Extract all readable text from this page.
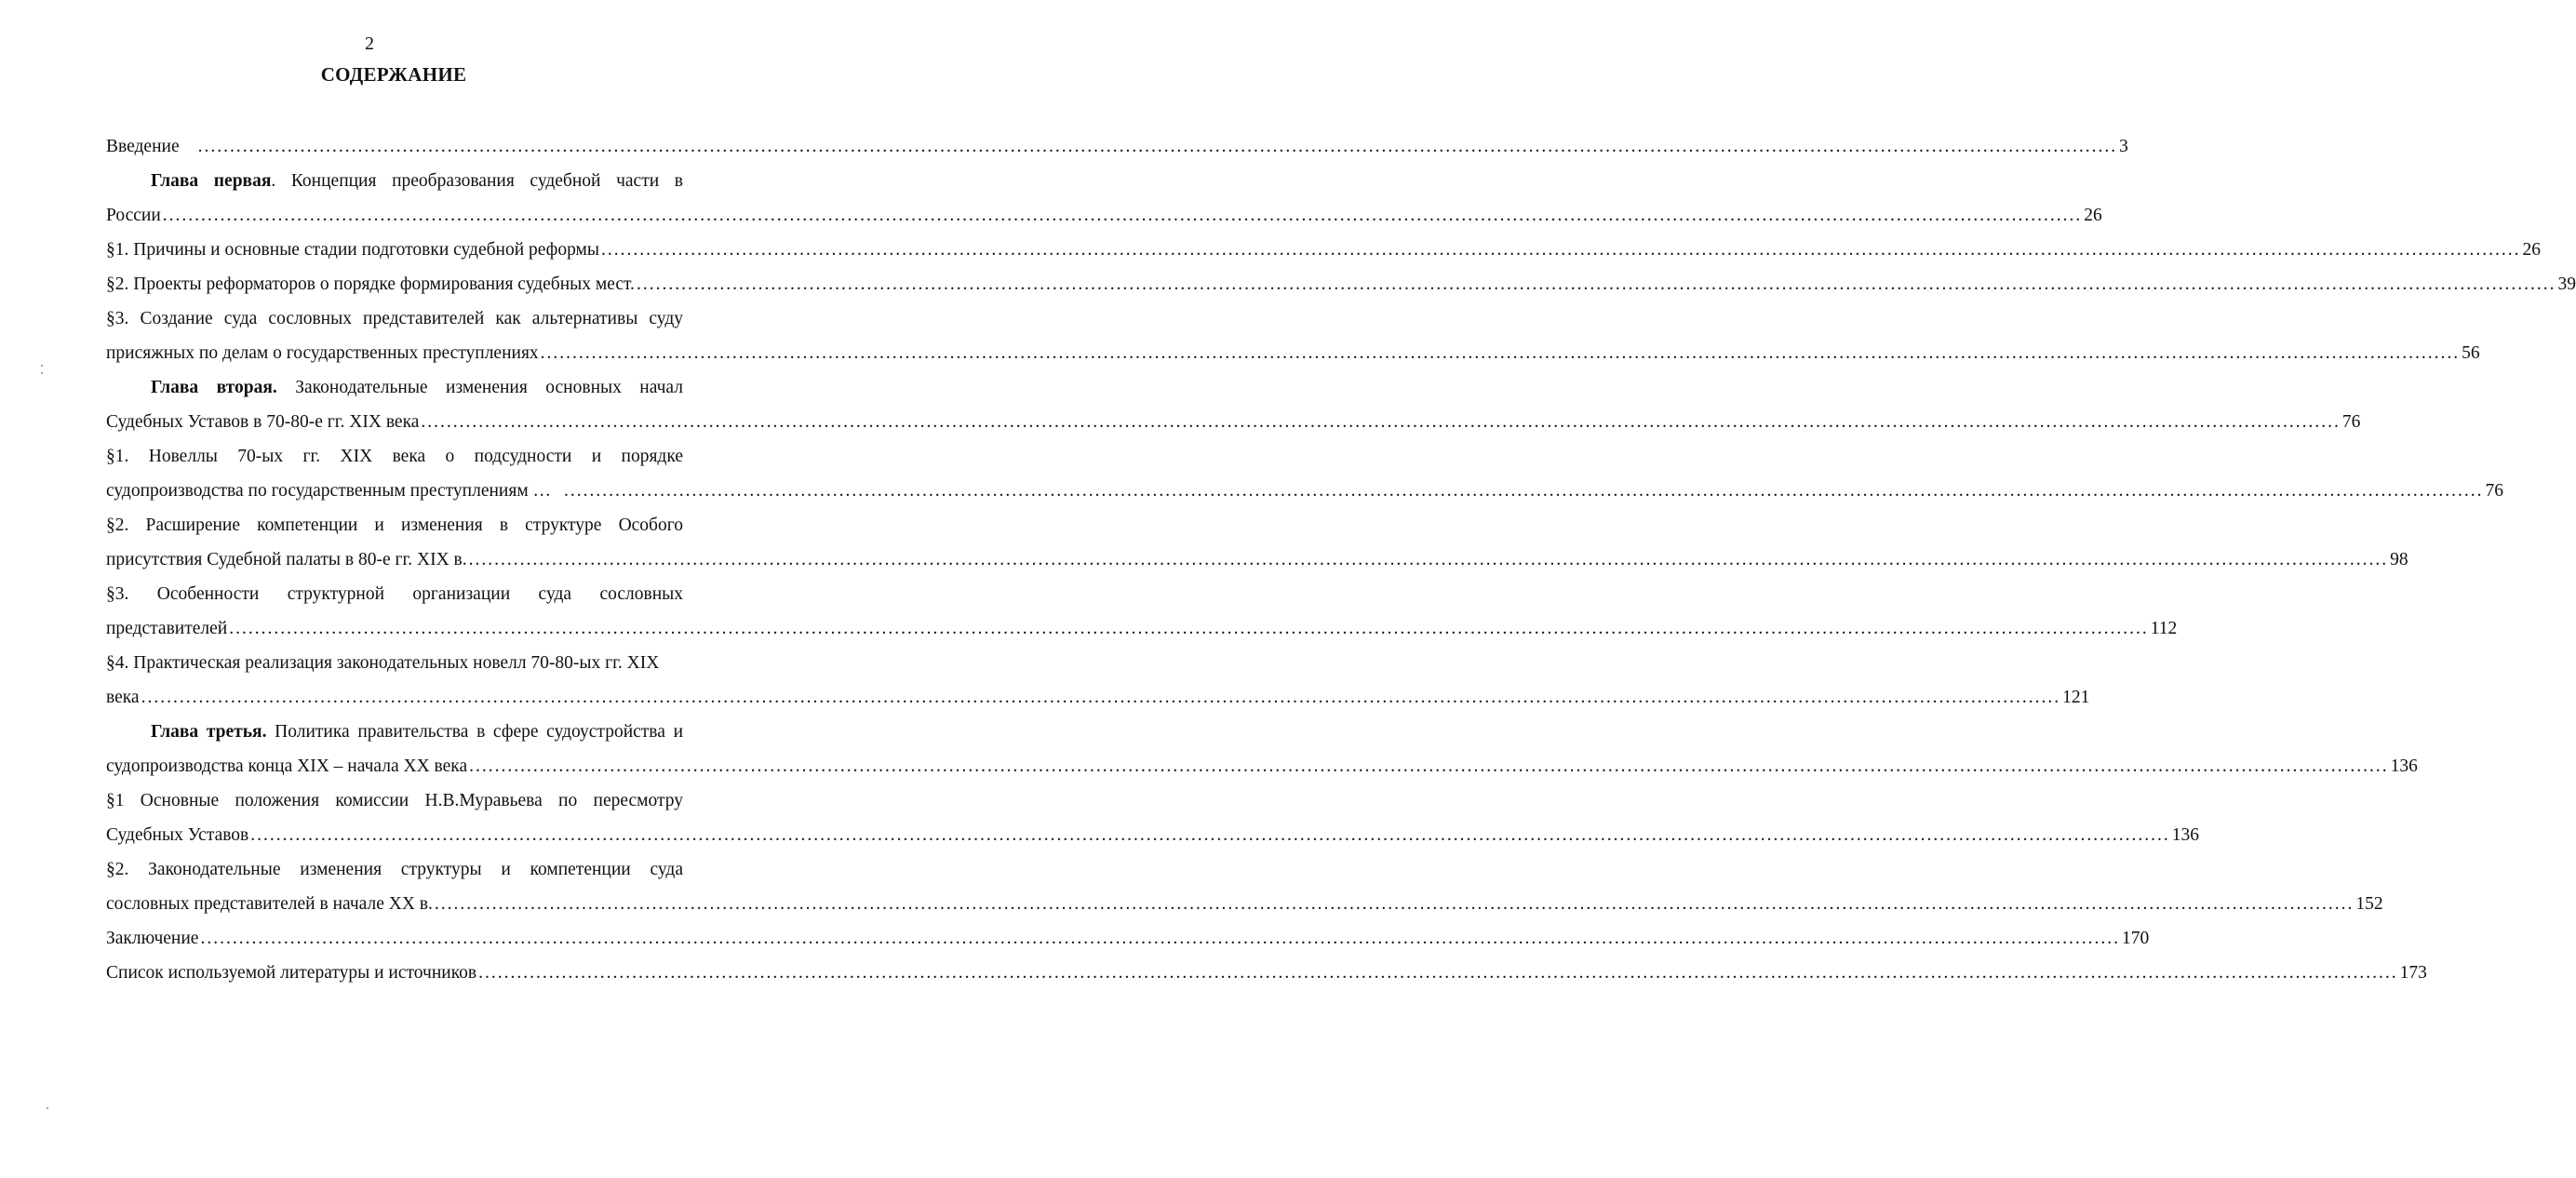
2
СОДЕРЖАНИЕ
Введение ............................................................................................................................................................................................................................................................................................................ 3
Глава первая. Концепция преобразования судебной части в
России ............................................................................................................................................................................................................................................................................................................ 26
§1. Причины и основные стадии подготовки судебной реформы ............................................................................................................................................................................................................................................................................................................ 26
§2. Проекты реформаторов о порядке формирования судебных мест. ............................................................................................................................................................................................................................................................................................................ 39
§3. Создание суда сословных представителей как альтернативы суду
присяжных по делам о государственных преступлениях ............................................................................................................................................................................................................................................................................................................ 56
Глава вторая. Законодательные изменения основных начал
Судебных Уставов в 70-80-е гг. XIX века ............................................................................................................................................................................................................................................................................................................ 76
§1. Новеллы 70-ых гг. XIX века о подсудности и порядке
судопроизводства по государственным преступлениям … ............................................................................................................................................................................................................................................................................................................ 76
§2. Расширение компетенции и изменения в структуре Особого
присутствия Судебной палаты в 80-е гг. XIX в. ............................................................................................................................................................................................................................................................................................................ 98
§3. Особенности структурной организации суда сословных
представителей ............................................................................................................................................................................................................................................................................................................ 112
§4. Практическая реализация законодательных новелл 70-80-ых гг. XIX
века ............................................................................................................................................................................................................................................................................................................ 121
Глава третья. Политика правительства в сфере судоустройства и
судопроизводства конца XIX – начала XX века ............................................................................................................................................................................................................................................................................................................ 136
§1 Основные положения комиссии Н.В.Муравьева по пересмотру
Судебных Уставов ............................................................................................................................................................................................................................................................................................................ 136
§2. Законодательные изменения структуры и компетенции суда
сословных представителей в начале XX в. ............................................................................................................................................................................................................................................................................................................ 152
Заключение ............................................................................................................................................................................................................................................................................................................ 170
Список используемой литературы и источников ............................................................................................................................................................................................................................................................................................................ 173
